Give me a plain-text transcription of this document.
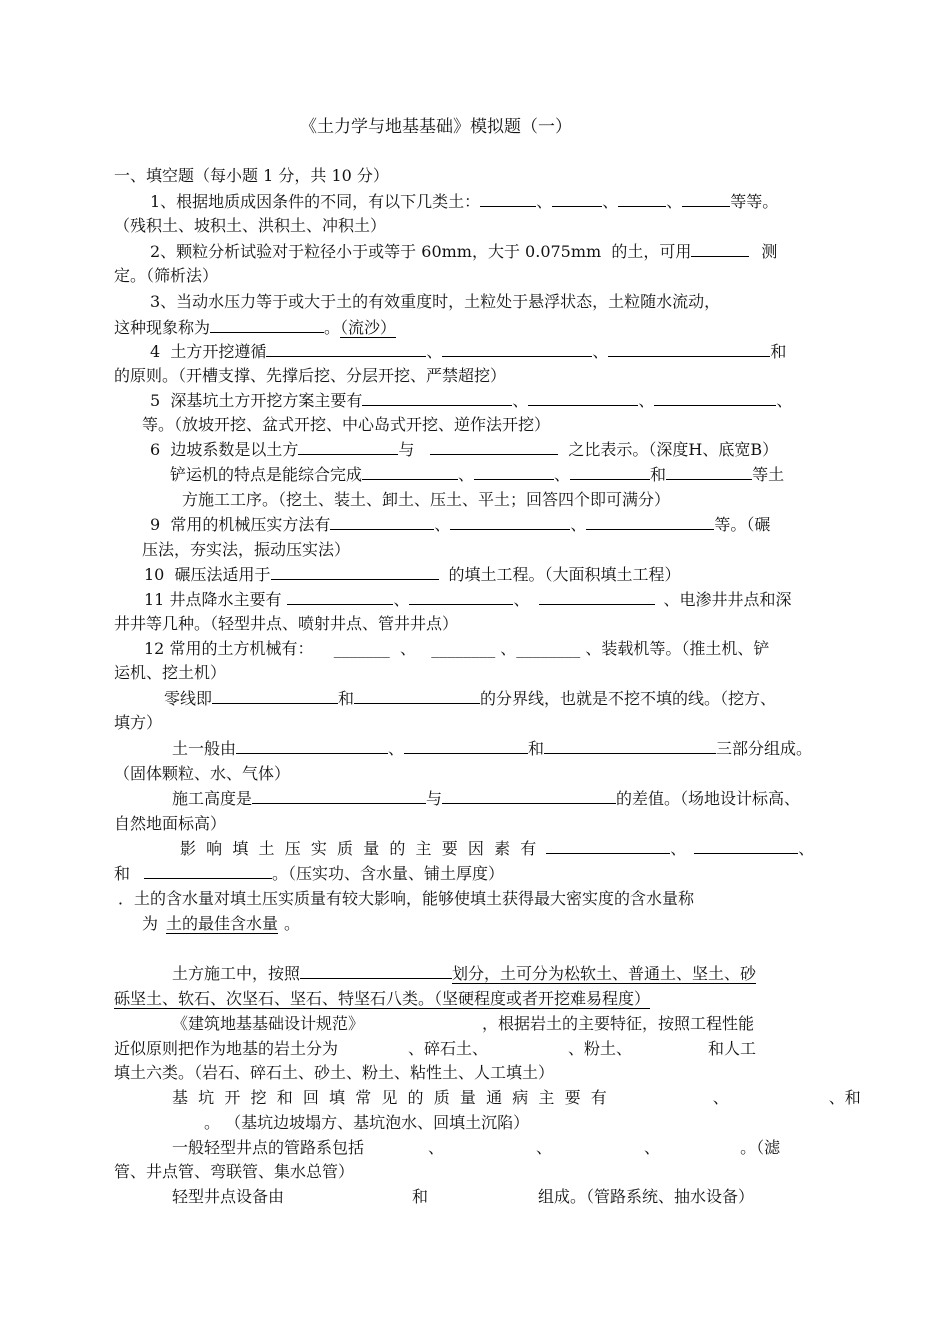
《土力学与地基基础》模拟题（一）
一、填空题（每小题 1 分，共 10 分）
1、根据地质成因条件的不同，有以下几类土：	、	、	、	等等。
（残积土、坡积土、洪积土、冲积土）
2、颗粒分析试验对于粒径小于或等于 60mm，大于 0.075mm  的土，可用	测
定。（筛析法）
3、当动水压力等于或大于土的有效重度时，土粒处于悬浮状态，土粒随水流动，
这种现象称为	。（流沙）
4  土方开挖遵循	、	、	和
的原则。（开槽支撑、先撑后挖、分层开挖、严禁超挖）
5  深基坑土方开挖方案主要有	、	、	、
等。（放坡开挖、盆式开挖、中心岛式开挖、逆作法开挖）
6  边坡系数是以土方	与	之比表示。（深度H、底宽B）
铲运机的特点是能综合完成	、	、	和	等土
方施工工序。（挖土、装土、卸土、压土、平土；回答四个即可满分）
9  常用的机械压实方法有	、	、	等。（碾
压法，夯实法，振动压实法）
10  碾压法适用于	的填土工程。（大面积填土工程）
11 井点降水主要有	、	、	、电渗井井点和深
井井等几种。（轻型井点、喷射井点、管井井点）
12 常用的土方机械有：    _______  、   ________ 、________ 、装载机等。（推土机、铲
运机、挖土机）
零线即	和	的分界线，也就是不挖不填的线。（挖方、
填方）
土一般由	、	和	三部分组成。
（固体颗粒、水、气体）
施工高度是	与	的差值。（场地设计标高、
自然地面标高）
影  响  填  土  压  实  质  量  的  主  要  因  素  有	、	、
和	。（压实功、含水量、铺土厚度）
．土的含水量对填土压实质量有较大影响，能够使填土获得最大密实度的含水量称
为 土的最佳含水量 。
土方施工中，按照	划分，土可分为松软土、普通土、坚土、砂
砾坚土、软石、次坚石、坚石、特坚石八类。（坚硬程度或者开挖难易程度）
《建筑地基基础设计规范》	，根据岩土的主要特征，按照工程性能
近似原则把作为地基的岩土分为	、碎石土、	、粉土、	和人工
填土六类。（岩石、碎石土、砂土、粉土、粘性土、人工填土）
基  坑  开  挖  和  回  填  常  见  的  质  量  通  病  主  要  有	、	、和
。 （基坑边坡塌方、基坑泡水、回填土沉陷）
一般轻型井点的管路系包括	、	、	、	。（滤
管、井点管、弯联管、集水总管）
轻型井点设备由	和	组成。（管路系统、抽水设备）
